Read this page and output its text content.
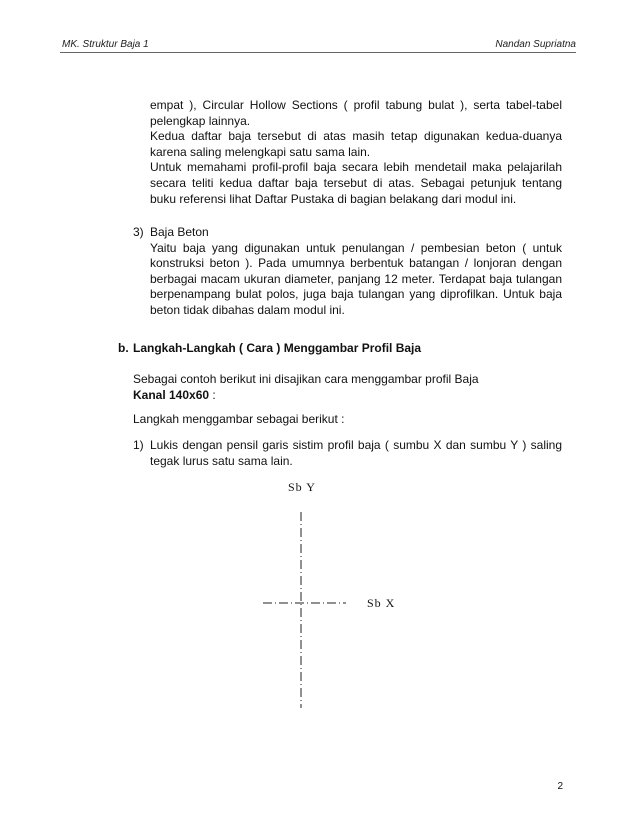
MK. Struktur Baja 1	Nandan Supriatna

empat ), Circular Hollow Sections ( profil tabung bulat ), serta tabel-tabel pelengkap lainnya.

Kedua daftar baja tersebut di atas masih tetap digunakan kedua-duanya karena saling melengkapi satu sama lain.

Untuk memahami profil-profil baja secara lebih mendetail maka pelajarilah secara teliti kedua daftar baja tersebut di atas. Sebagai petunjuk tentang buku referensi lihat Daftar Pustaka di bagian belakang dari modul ini.

3) Baja Beton
Yaitu baja yang digunakan untuk penulangan / pembesian beton ( untuk konstruksi beton ). Pada umumnya berbentuk batangan / lonjoran dengan berbagai macam ukuran diameter, panjang 12 meter. Terdapat baja tulangan berpenampang bulat polos, juga baja tulangan yang diprofilkan. Untuk baja beton tidak dibahas dalam modul ini.
b. Langkah-Langkah ( Cara ) Menggambar Profil Baja
Sebagai contoh berikut ini disajikan cara menggambar profil Baja
Kanal 140x60 :
Langkah menggambar sebagai berikut :
1) Lukis dengan pensil garis sistim profil baja ( sumbu X dan sumbu Y ) saling tegak lurus satu sama lain.
Sb Y
Sb X
2
